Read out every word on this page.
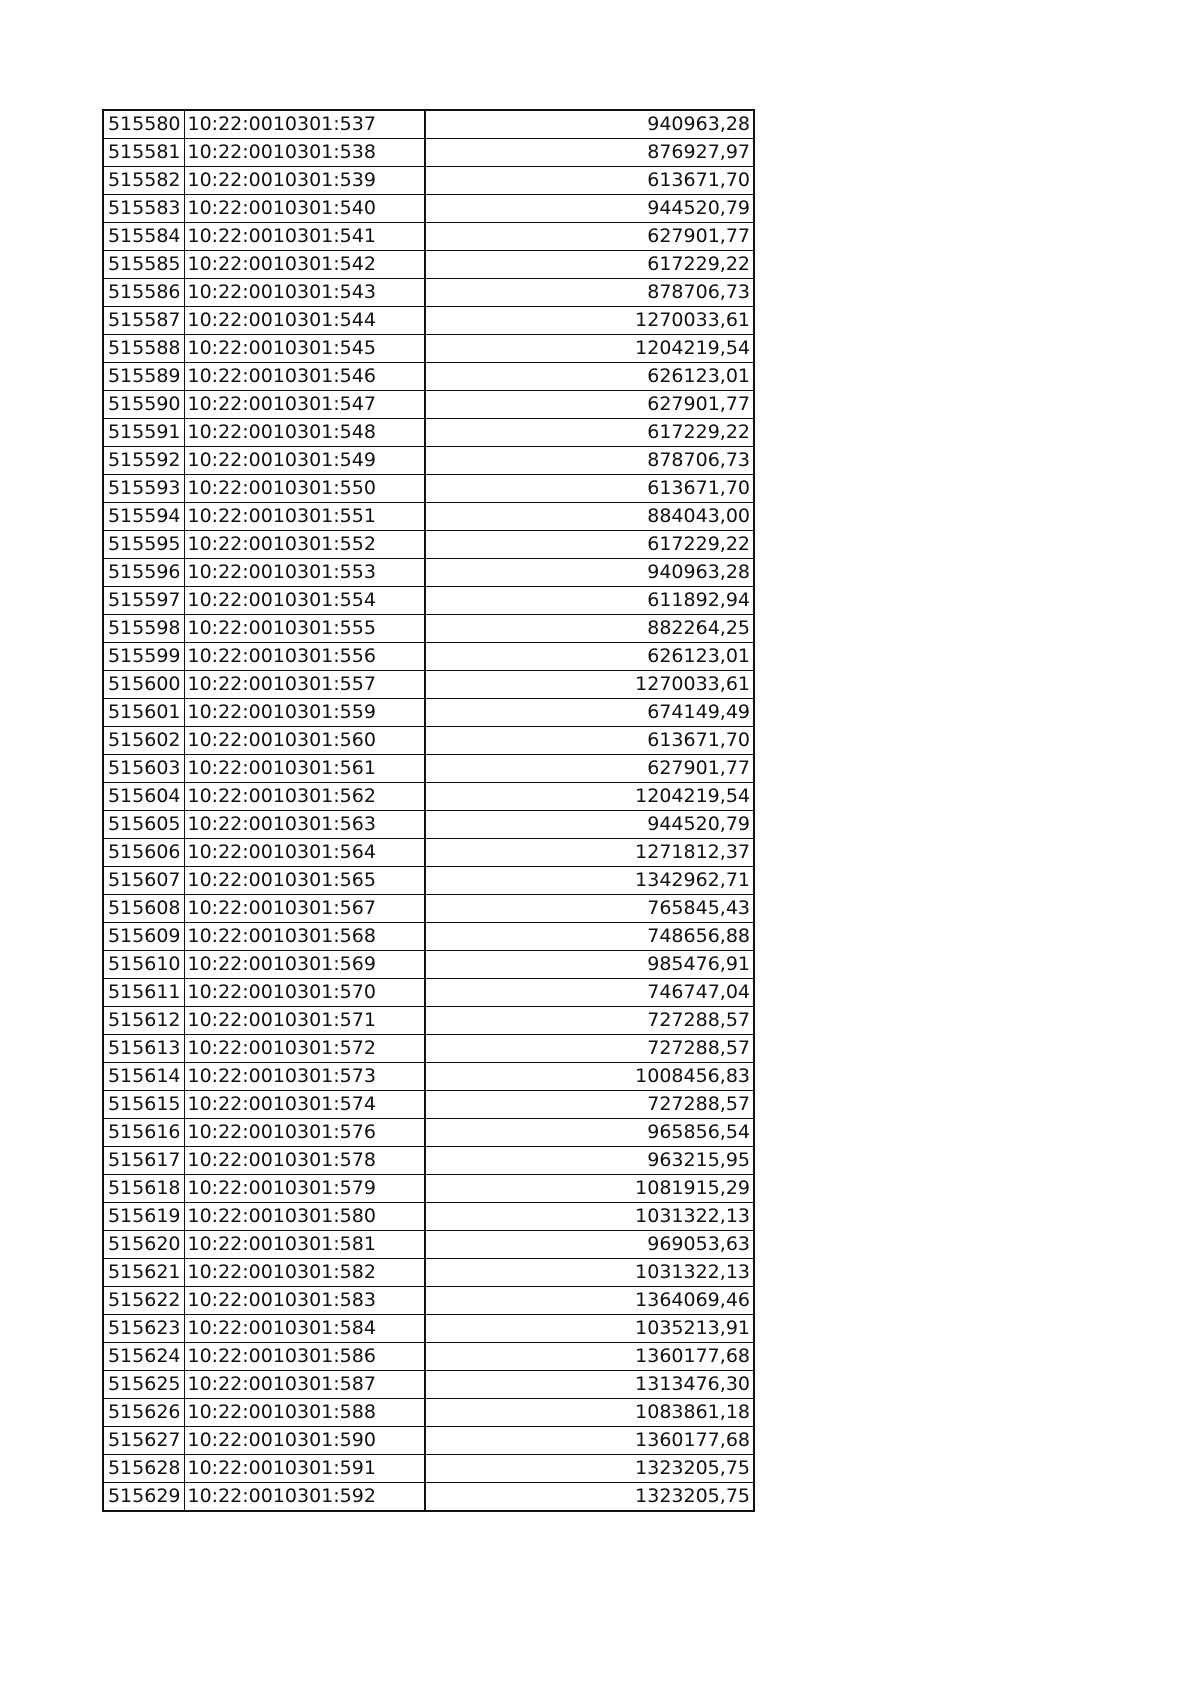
515580	10:22:0010301:537	940963,28
515581	10:22:0010301:538	876927,97
515582	10:22:0010301:539	613671,70
515583	10:22:0010301:540	944520,79
515584	10:22:0010301:541	627901,77
515585	10:22:0010301:542	617229,22
515586	10:22:0010301:543	878706,73
515587	10:22:0010301:544	1270033,61
515588	10:22:0010301:545	1204219,54
515589	10:22:0010301:546	626123,01
515590	10:22:0010301:547	627901,77
515591	10:22:0010301:548	617229,22
515592	10:22:0010301:549	878706,73
515593	10:22:0010301:550	613671,70
515594	10:22:0010301:551	884043,00
515595	10:22:0010301:552	617229,22
515596	10:22:0010301:553	940963,28
515597	10:22:0010301:554	611892,94
515598	10:22:0010301:555	882264,25
515599	10:22:0010301:556	626123,01
515600	10:22:0010301:557	1270033,61
515601	10:22:0010301:559	674149,49
515602	10:22:0010301:560	613671,70
515603	10:22:0010301:561	627901,77
515604	10:22:0010301:562	1204219,54
515605	10:22:0010301:563	944520,79
515606	10:22:0010301:564	1271812,37
515607	10:22:0010301:565	1342962,71
515608	10:22:0010301:567	765845,43
515609	10:22:0010301:568	748656,88
515610	10:22:0010301:569	985476,91
515611	10:22:0010301:570	746747,04
515612	10:22:0010301:571	727288,57
515613	10:22:0010301:572	727288,57
515614	10:22:0010301:573	1008456,83
515615	10:22:0010301:574	727288,57
515616	10:22:0010301:576	965856,54
515617	10:22:0010301:578	963215,95
515618	10:22:0010301:579	1081915,29
515619	10:22:0010301:580	1031322,13
515620	10:22:0010301:581	969053,63
515621	10:22:0010301:582	1031322,13
515622	10:22:0010301:583	1364069,46
515623	10:22:0010301:584	1035213,91
515624	10:22:0010301:586	1360177,68
515625	10:22:0010301:587	1313476,30
515626	10:22:0010301:588	1083861,18
515627	10:22:0010301:590	1360177,68
515628	10:22:0010301:591	1323205,75
515629	10:22:0010301:592	1323205,75
